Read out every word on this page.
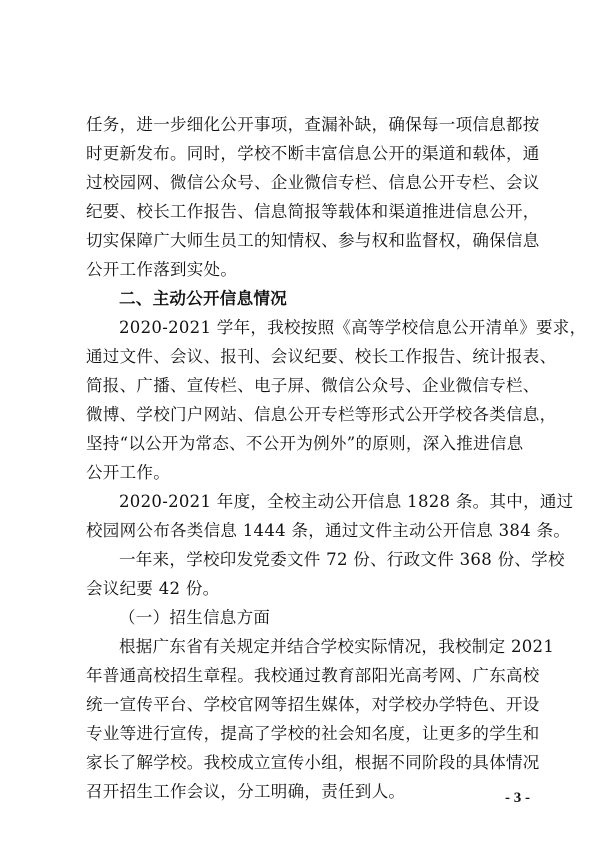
任务，进一步细化公开事项，查漏补缺，确保每一项信息都按
时更新发布。同时，学校不断丰富信息公开的渠道和载体，通
过校园网、微信公众号、企业微信专栏、信息公开专栏、会议
纪要、校长工作报告、信息简报等载体和渠道推进信息公开，
切实保障广大师生员工的知情权、参与权和监督权，确保信息
公开工作落到实处。
二、主动公开信息情况
2020-2021 学年，我校按照《高等学校信息公开清单》要求，
通过文件、会议、报刊、会议纪要、校长工作报告、统计报表、
简报、广播、宣传栏、电子屏、微信公众号、企业微信专栏、
微博、学校门户网站、信息公开专栏等形式公开学校各类信息，
坚持“以公开为常态、不公开为例外”的原则，深入推进信息
公开工作。
2020-2021 年度，全校主动公开信息 1828 条。其中，通过
校园网公布各类信息 1444 条，通过文件主动公开信息 384 条。
一年来，学校印发党委文件 72 份、行政文件 368 份、学校
会议纪要 42 份。
（一）招生信息方面
根据广东省有关规定并结合学校实际情况，我校制定 2021
年普通高校招生章程。我校通过教育部阳光高考网、广东高校
统一宣传平台、学校官网等招生媒体，对学校办学特色、开设
专业等进行宣传，提高了学校的社会知名度，让更多的学生和
家长了解学校。我校成立宣传小组，根据不同阶段的具体情况
召开招生工作会议，分工明确，责任到人。	- 3 -
